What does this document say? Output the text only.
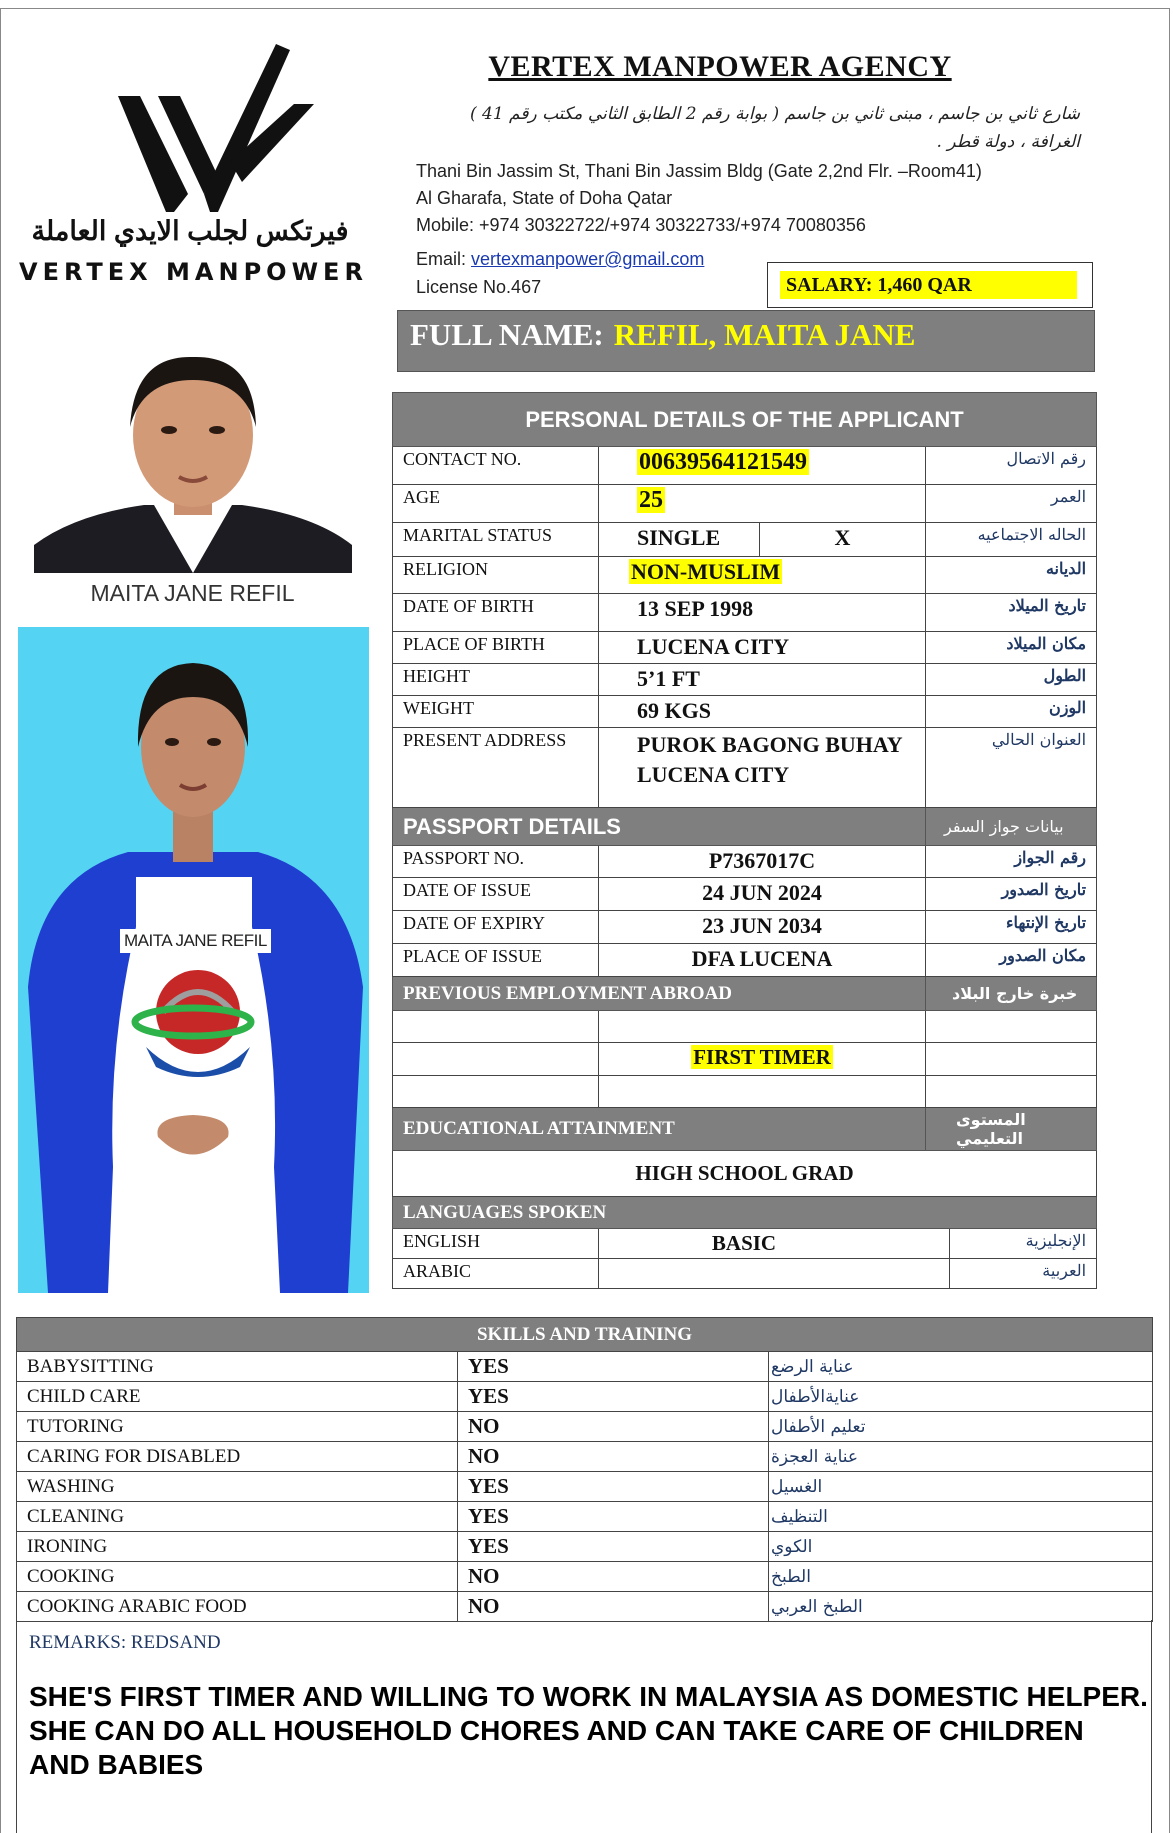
فيرتكس لجلب الايدي العاملة
VERTEX MANPOWER
VERTEX MANPOWER AGENCY
شارع ثاني بن جاسم ، مبنى ثاني بن جاسم ( بوابة رقم 2 الطابق الثاني مكتب رقم 41 )
الغرافة ، دولة قطر .
Thani Bin Jassim St, Thani Bin Jassim Bldg (Gate 2,2nd Flr. –Room41)
Al Gharafa, State of Doha Qatar
Mobile: +974 30322722/+974 30322733/+974 70080356
Email: vertexmanpower@gmail.com
License No.467	SALARY: 1,460 QAR
FULL NAME: REFIL, MAITA JANE
MAITA JANE REFIL
MAITA JANE REFIL
PERSONAL DETAILS OF THE APPLICANT				
CONTACT NO.	00639564121549		رقم الاتصال	
AGE	25		العمر	
MARITAL STATUS	SINGLE	X	الحاله الاجتماعيه	
RELIGION	NON-MUSLIM		الديانه	
DATE OF BIRTH	13 SEP 1998		تاريخ الميلاد	
PLACE OF BIRTH	LUCENA CITY		مكان الميلاد	
HEIGHT	5’1 FT		الطول	
WEIGHT	69 KGS		الوزن	
PRESENT ADDRESS	PUROK BAGONG BUHAY LUCENA CITY		العنوان الحالي	
PASSPORT DETAILS			بيانات جواز السفر	
PASSPORT NO.	P7367017C		رقم الجواز	
DATE OF ISSUE	24 JUN 2024		تاريخ الصدور	
DATE OF EXPIRY	23 JUN 2034		تاريخ الإنتهاء	
PLACE OF ISSUE	DFA LUCENA		مكان الصدور	
PREVIOUS EMPLOYMENT ABROAD			خبرة خارج البلاد	

	FIRST TIMER			

EDUCATIONAL ATTAINMENT			المستوى التعليمي	
HIGH SCHOOL GRAD				
LANGUAGES SPOKEN				
ENGLISH	BASIC			الإنجليزية
ARABIC				العربية
SKILLS AND TRAINING		
BABYSITTING	YES	عناية الرضع
CHILD CARE	YES	عنايةالأطفال
TUTORING	NO	تعليم الأطفال
CARING FOR DISABLED	NO	عناية العجزة
WASHING	YES	الغسيل
CLEANING	YES	التنظيف
IRONING	YES	الكوي
COOKING	NO	الطبخ
COOKING ARABIC FOOD	NO	الطبخ العربي
REMARKS: REDSAND
SHE'S FIRST TIMER AND WILLING TO WORK IN MALAYSIA AS DOMESTIC HELPER. SHE CAN DO ALL HOUSEHOLD CHORES AND CAN TAKE CARE OF CHILDREN AND BABIES
